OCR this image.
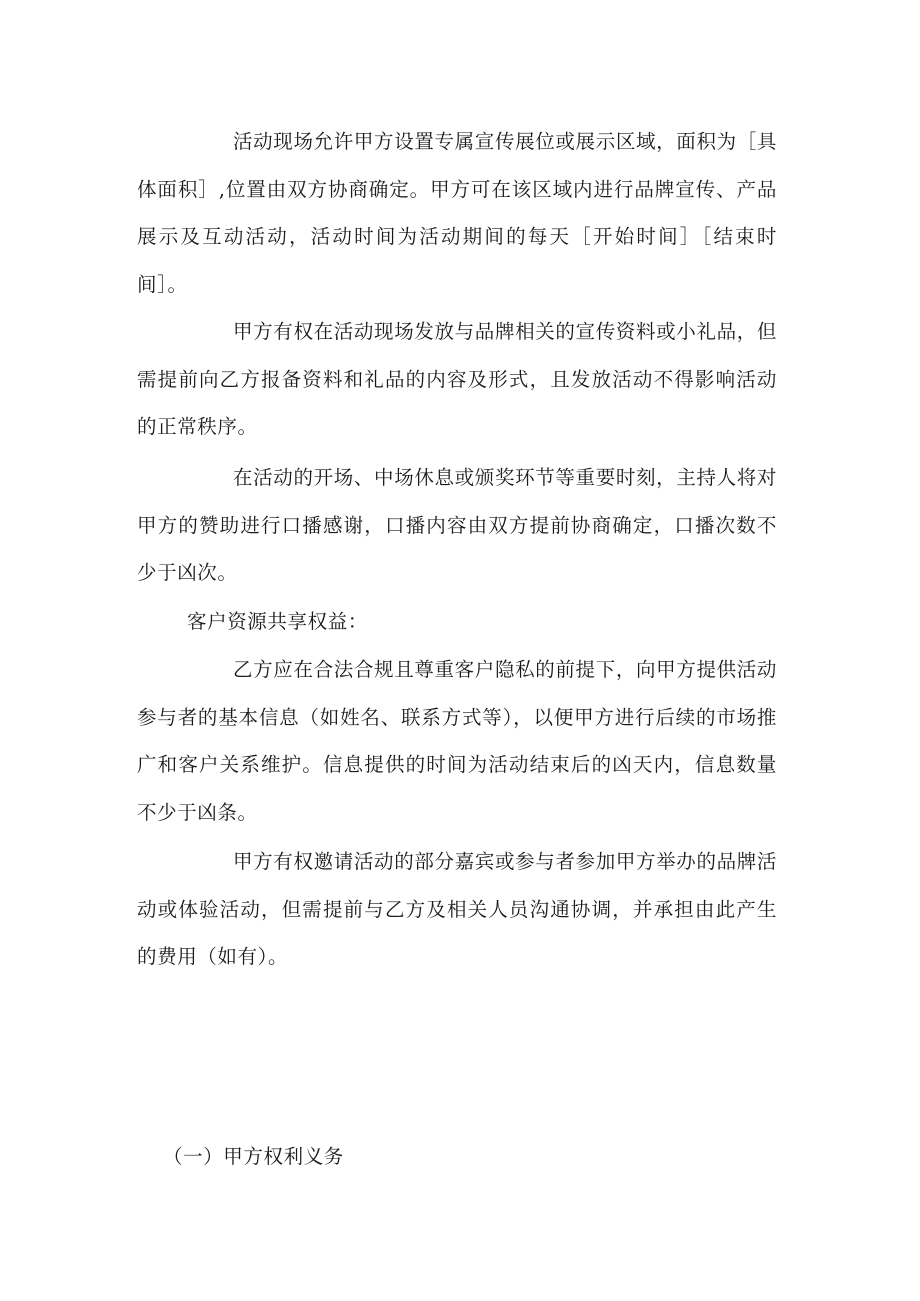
活动现场允许甲方设置专属宣传展位或展示区域，面积为［具体面积］,位置由双方协商确定。甲方可在该区域内进行品牌宣传、产品展示及互动活动，活动时间为活动期间的每天［开始时间］［结束时间］。

甲方有权在活动现场发放与品牌相关的宣传资料或小礼品，但需提前向乙方报备资料和礼品的内容及形式，且发放活动不得影响活动的正常秩序。

在活动的开场、中场休息或颁奖环节等重要时刻，主持人将对甲方的赞助进行口播感谢，口播内容由双方提前协商确定，口播次数不少于凶次。

客户资源共享权益：

乙方应在合法合规且尊重客户隐私的前提下，向甲方提供活动参与者的基本信息（如姓名、联系方式等），以便甲方进行后续的市场推广和客户关系维护。信息提供的时间为活动结束后的凶天内，信息数量不少于凶条。

甲方有权邀请活动的部分嘉宾或参与者参加甲方举办的品牌活动或体验活动，但需提前与乙方及相关人员沟通协调，并承担由此产生的费用（如有）。

（一）甲方权利义务
